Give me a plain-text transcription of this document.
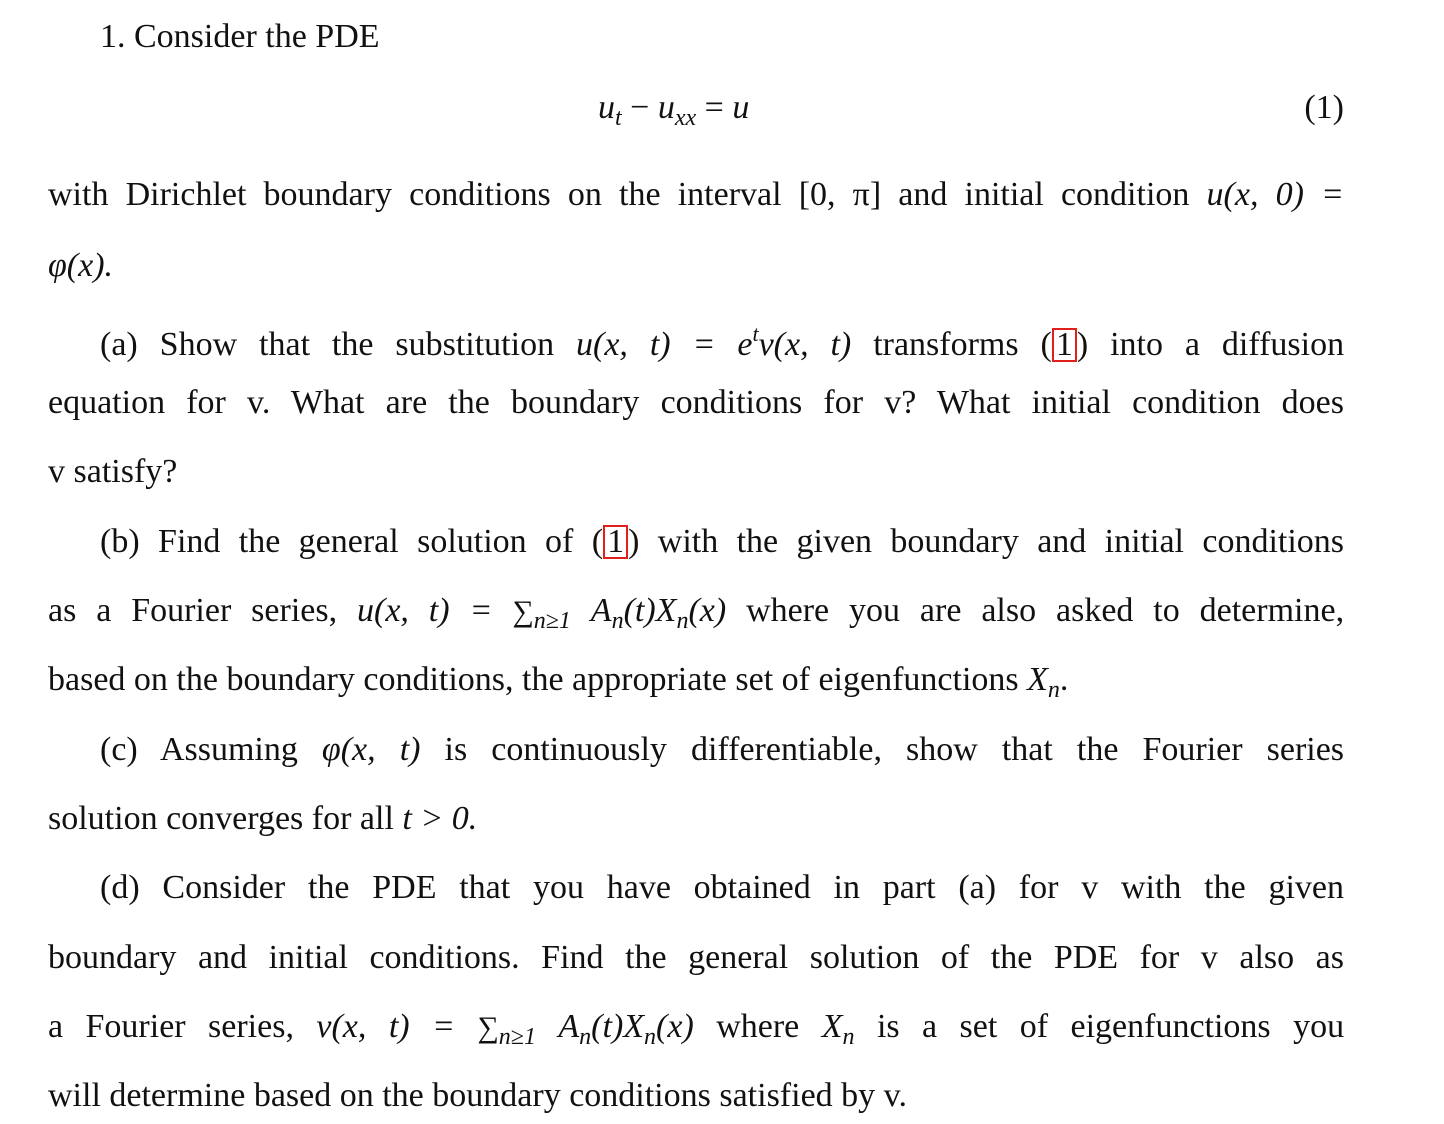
1. Consider the PDE
$u_t - u_{xx} = u$	(1)
with Dirichlet boundary conditions on the interval [0, π] and initial condition u(x, 0) =
φ(x).
(a) Show that the substitution u(x, $t) = e^tv(x$, t) transforms ( 1 ) into a diffusion
equation for v. What are the boundary conditions for v? What initial condition does
v satisfy?
(b) Find the general solution of ( 1 ) with the given boundary and initial conditions
as a Fourier series, u(x, $t) = \sum_{n\ge 1}$ $A_n(t)X_n(x)$ where you are also asked to determine,
based on the boundary conditions, the appropriate set of eigenfunctions $X_n$.
(c) Assuming φ(x, t) is continuously differentiable, show that the Fourier series
solution converges for all t > 0.
(d) Consider the PDE that you have obtained in part (a) for v with the given
boundary and initial conditions. Find the general solution of the PDE for v also as
a Fourier series, v(x, $t) = \sum_{n\ge 1}$ $A_n(t)X_n(x)$ where $X_n$ is a set of eigenfunctions you
will determine based on the boundary conditions satisfied by v.
